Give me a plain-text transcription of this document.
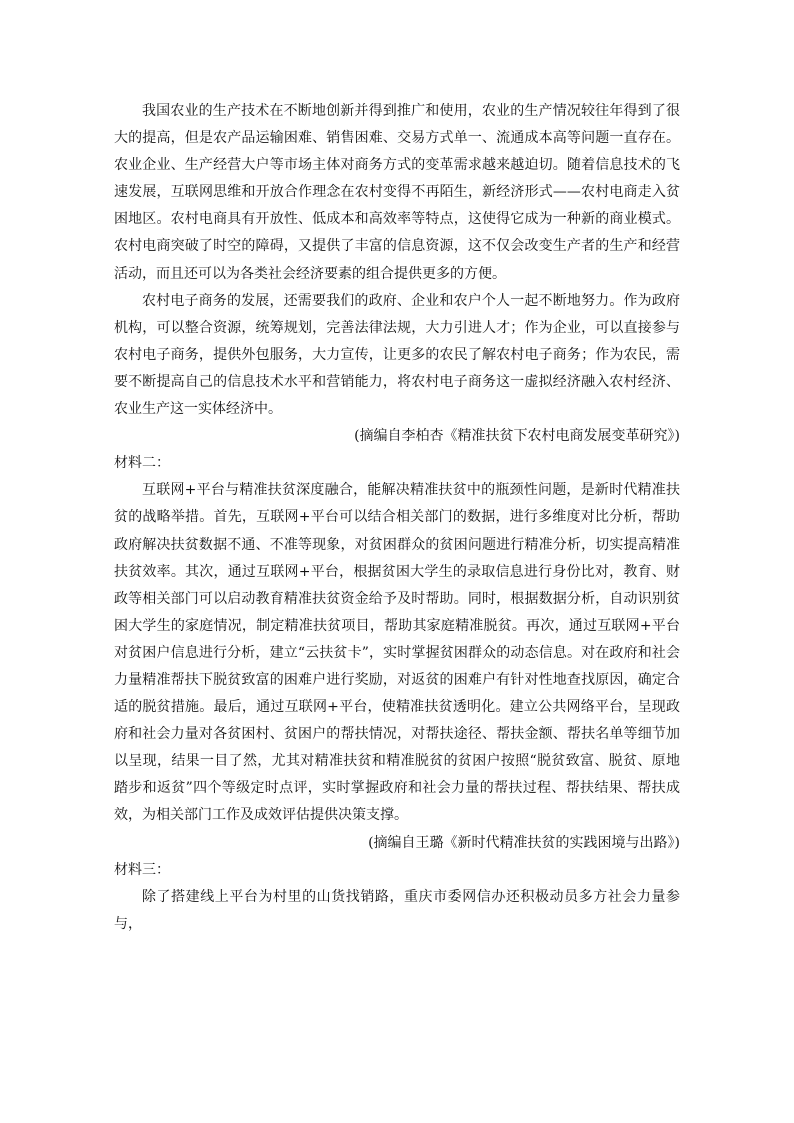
我国农业的生产技术在不断地创新并得到推广和使用，农业的生产情况较往年得到了很大的提高，但是农产品运输困难、销售困难、交易方式单一、流通成本高等问题一直存在。农业企业、生产经营大户等市场主体对商务方式的变革需求越来越迫切。随着信息技术的飞速发展，互联网思维和开放合作理念在农村变得不再陌生，新经济形式——农村电商走入贫困地区。农村电商具有开放性、低成本和高效率等特点，这使得它成为一种新的商业模式。农村电商突破了时空的障碍，又提供了丰富的信息资源，这不仅会改变生产者的生产和经营活动，而且还可以为各类社会经济要素的组合提供更多的方便。

农村电子商务的发展，还需要我们的政府、企业和农户个人一起不断地努力。作为政府机构，可以整合资源，统筹规划，完善法律法规，大力引进人才；作为企业，可以直接参与农村电子商务，提供外包服务，大力宣传，让更多的农民了解农村电子商务；作为农民，需要不断提高自己的信息技术水平和营销能力，将农村电子商务这一虚拟经济融入农村经济、农业生产这一实体经济中。

(摘编自李柏杏《精准扶贫下农村电商发展变革研究》)

材料二：

互联网+平台与精准扶贫深度融合，能解决精准扶贫中的瓶颈性问题，是新时代精准扶贫的战略举措。首先，互联网+平台可以结合相关部门的数据，进行多维度对比分析，帮助政府解决扶贫数据不通、不准等现象，对贫困群众的贫困问题进行精准分析，切实提高精准扶贫效率。其次，通过互联网+平台，根据贫困大学生的录取信息进行身份比对，教育、财政等相关部门可以启动教育精准扶贫资金给予及时帮助。同时，根据数据分析，自动识别贫困大学生的家庭情况，制定精准扶贫项目，帮助其家庭精准脱贫。再次，通过互联网+平台对贫困户信息进行分析，建立“云扶贫卡”，实时掌握贫困群众的动态信息。对在政府和社会力量精准帮扶下脱贫致富的困难户进行奖励，对返贫的困难户有针对性地查找原因，确定合适的脱贫措施。最后，通过互联网+平台，使精准扶贫透明化。建立公共网络平台，呈现政府和社会力量对各贫困村、贫困户的帮扶情况，对帮扶途径、帮扶金额、帮扶名单等细节加以呈现，结果一目了然，尤其对精准扶贫和精准脱贫的贫困户按照“脱贫致富、脱贫、原地踏步和返贫”四个等级定时点评，实时掌握政府和社会力量的帮扶过程、帮扶结果、帮扶成效，为相关部门工作及成效评估提供决策支撑。

(摘编自王璐《新时代精准扶贫的实践困境与出路》)

材料三：

除了搭建线上平台为村里的山货找销路，重庆市委网信办还积极动员多方社会力量参与，
